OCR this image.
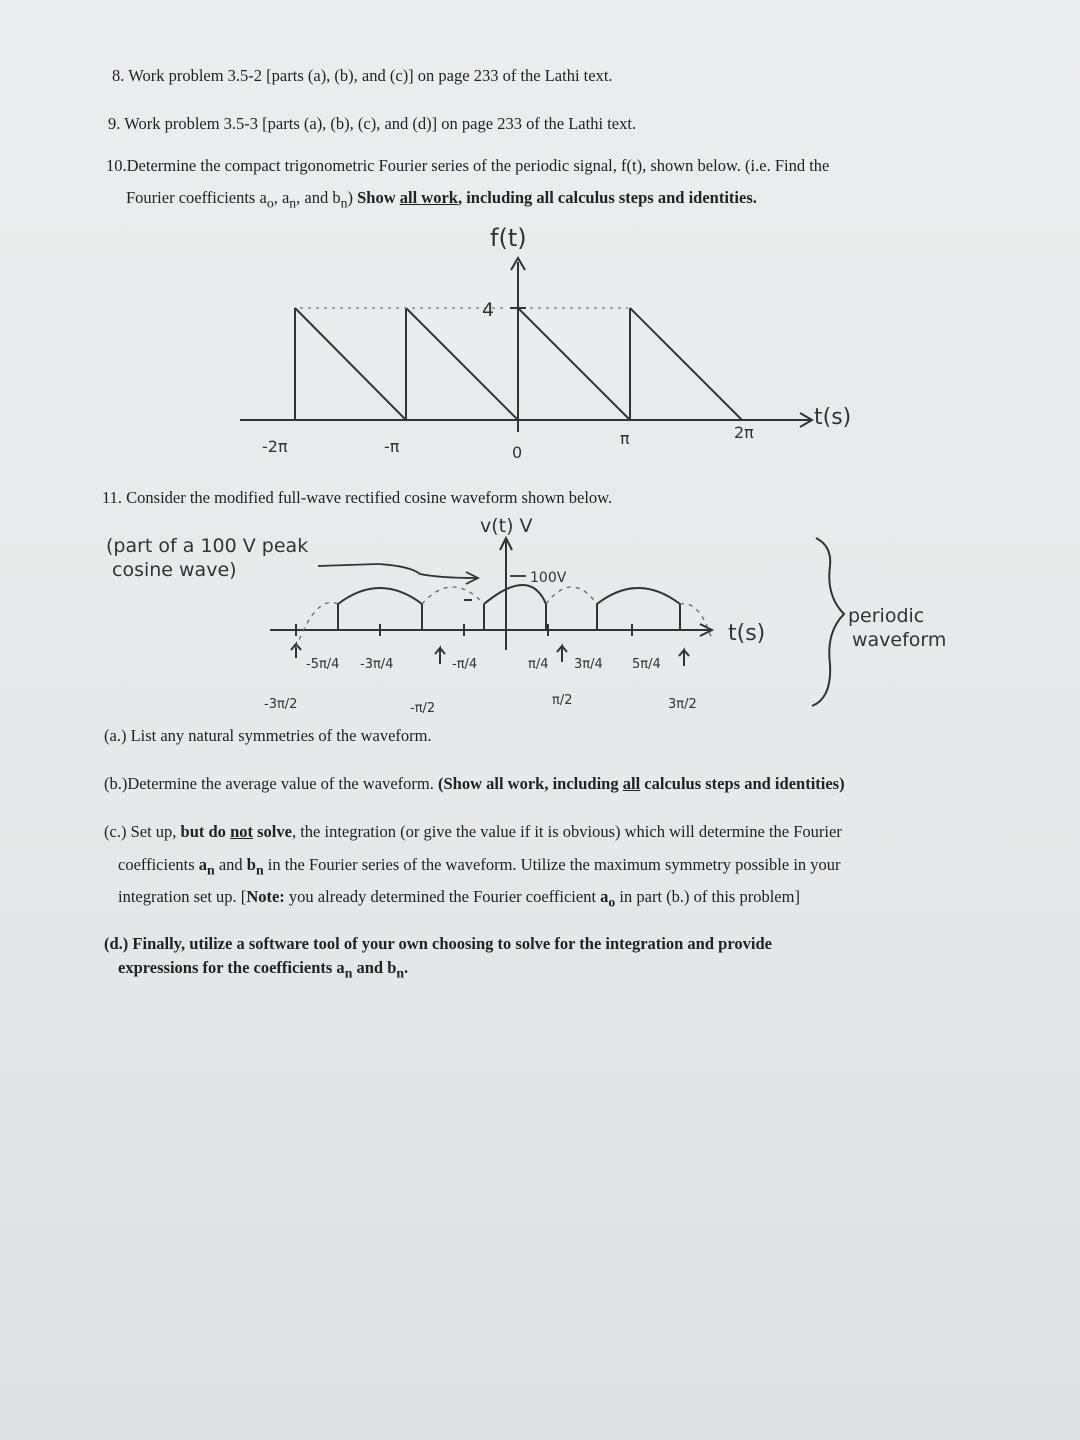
8. Work problem 3.5-2 [parts (a), (b), and (c)] on page 233 of the Lathi text.
9. Work problem 3.5-3 [parts (a), (b), (c), and (d)] on page 233 of the Lathi text.
10.Determine the compact trigonometric Fourier series of the periodic signal, f(t), shown below. (i.e. Find the
Fourier coefficients $a_o$, $a_n$, and $b_n$) Show all work, including all calculus steps and identities.
f(t)
4
t(s)
-2π	-π	0
π	2π
11. Consider the modified full-wave rectified cosine waveform shown below.
v(t) V
(part of a 100 V peak
cosine wave)	100V
t(s)
periodic
waveform
-5π/4 -3π/4	-π/4	π/4 3π/4 5π/4
-3π/2	-π/2
π/2	3π/2
(a.) List any natural symmetries of the waveform.
(b.)Determine the average value of the waveform. (Show all work, including all calculus steps and identities)
(c.) Set up, but do not solve, the integration (or give the value if it is obvious) which will determine the Fourier
coefficients $a_n$ and $b_n$ in the Fourier series of the waveform. Utilize the maximum symmetry possible in your
integration set up. [Note: you already determined the Fourier coefficient $a_o$ in part (b.) of this problem]
(d.) Finally, utilize a software tool of your own choosing to solve for the integration and provide
expressions for the coefficients $a_n$ and $b_n$.
